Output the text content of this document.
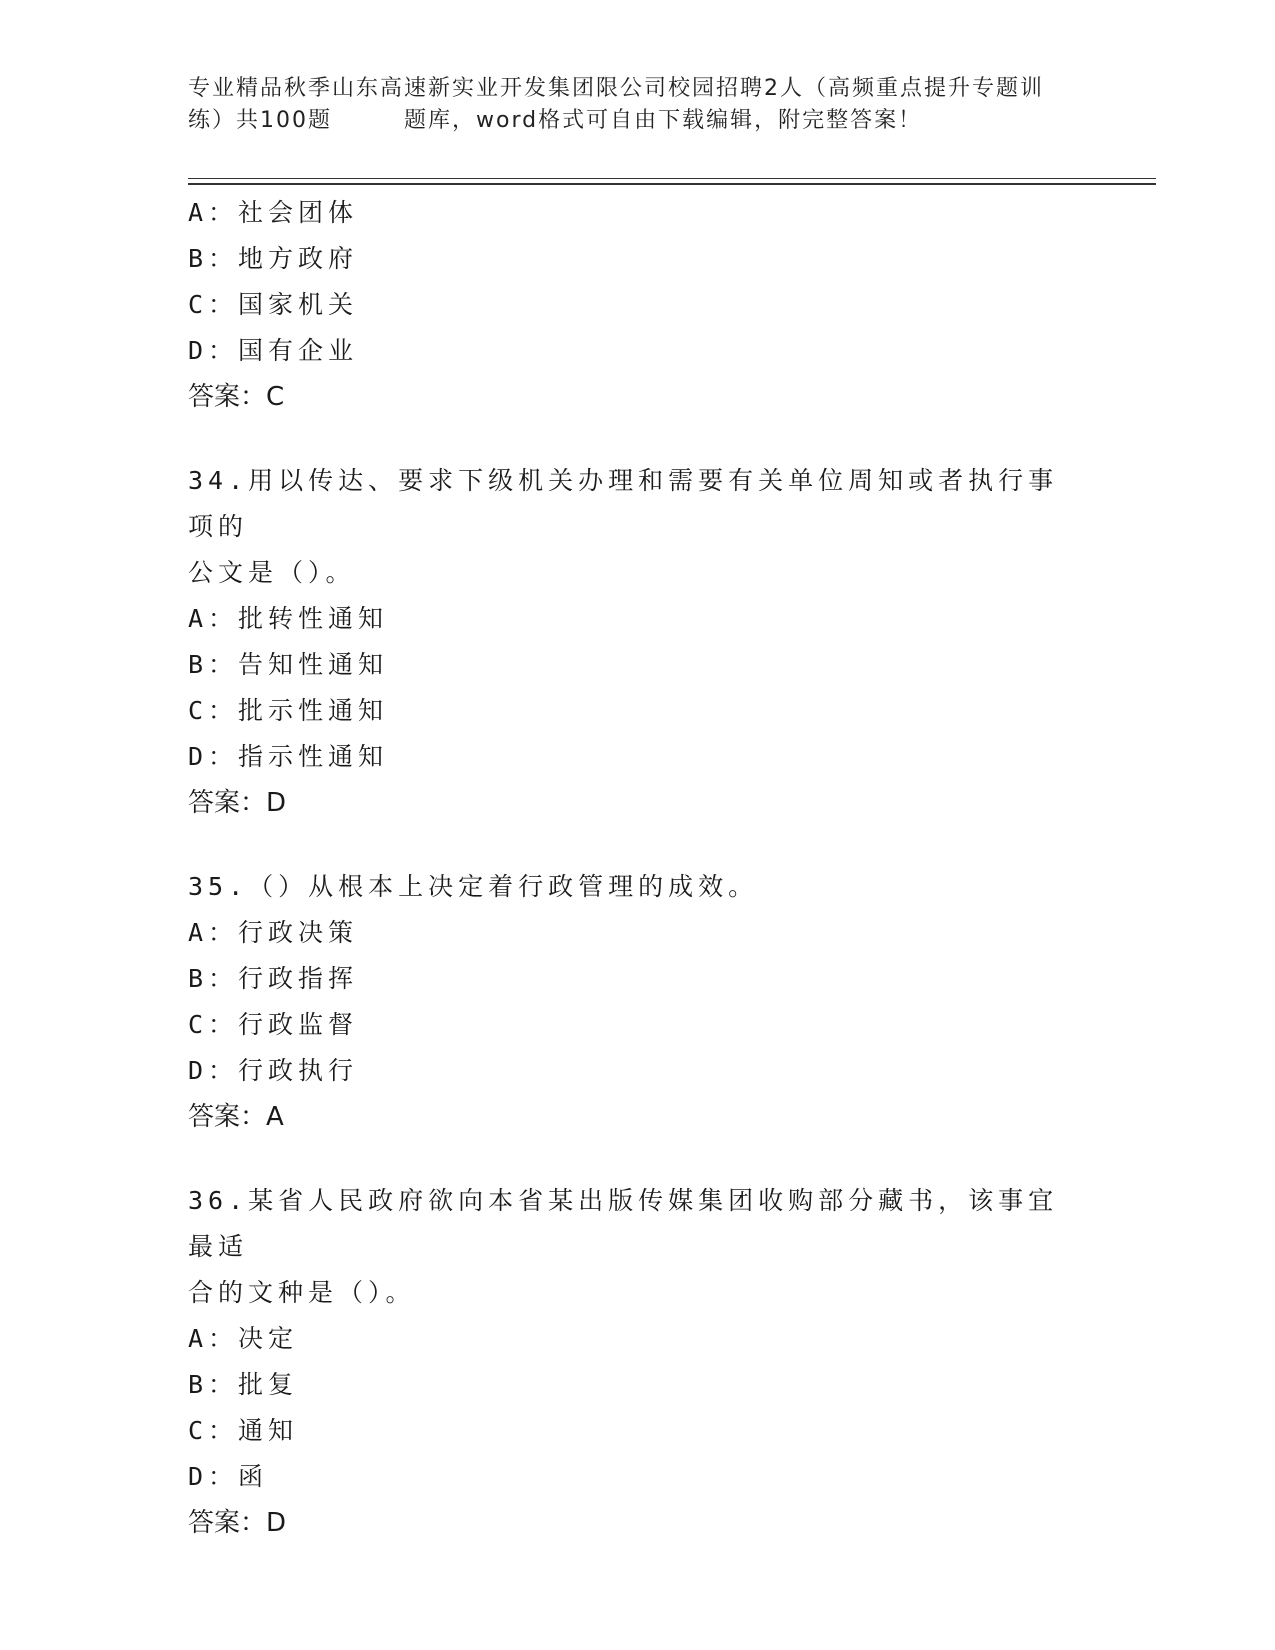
专业精品秋季山东高速新实业开发集团限公司校园招聘2人（高频重点提升专题训
练）共100题	题库，word格式可自由下载编辑，附完整答案！
A：社会团体
B：地方政府
C：国家机关
D：国有企业
答案：C
34.用以传达、要求下级机关办理和需要有关单位周知或者执行事项的
公文是（）。
A：批转性通知
B：告知性通知
C：批示性通知
D：指示性通知
答案：D
35.（）从根本上决定着行政管理的成效。
A：行政决策
B：行政指挥
C：行政监督
D：行政执行
答案：A
36.某省人民政府欲向本省某出版传媒集团收购部分藏书，该事宜最适
合的文种是（）。
A：决定
B：批复
C：通知
D：函
答案：D
